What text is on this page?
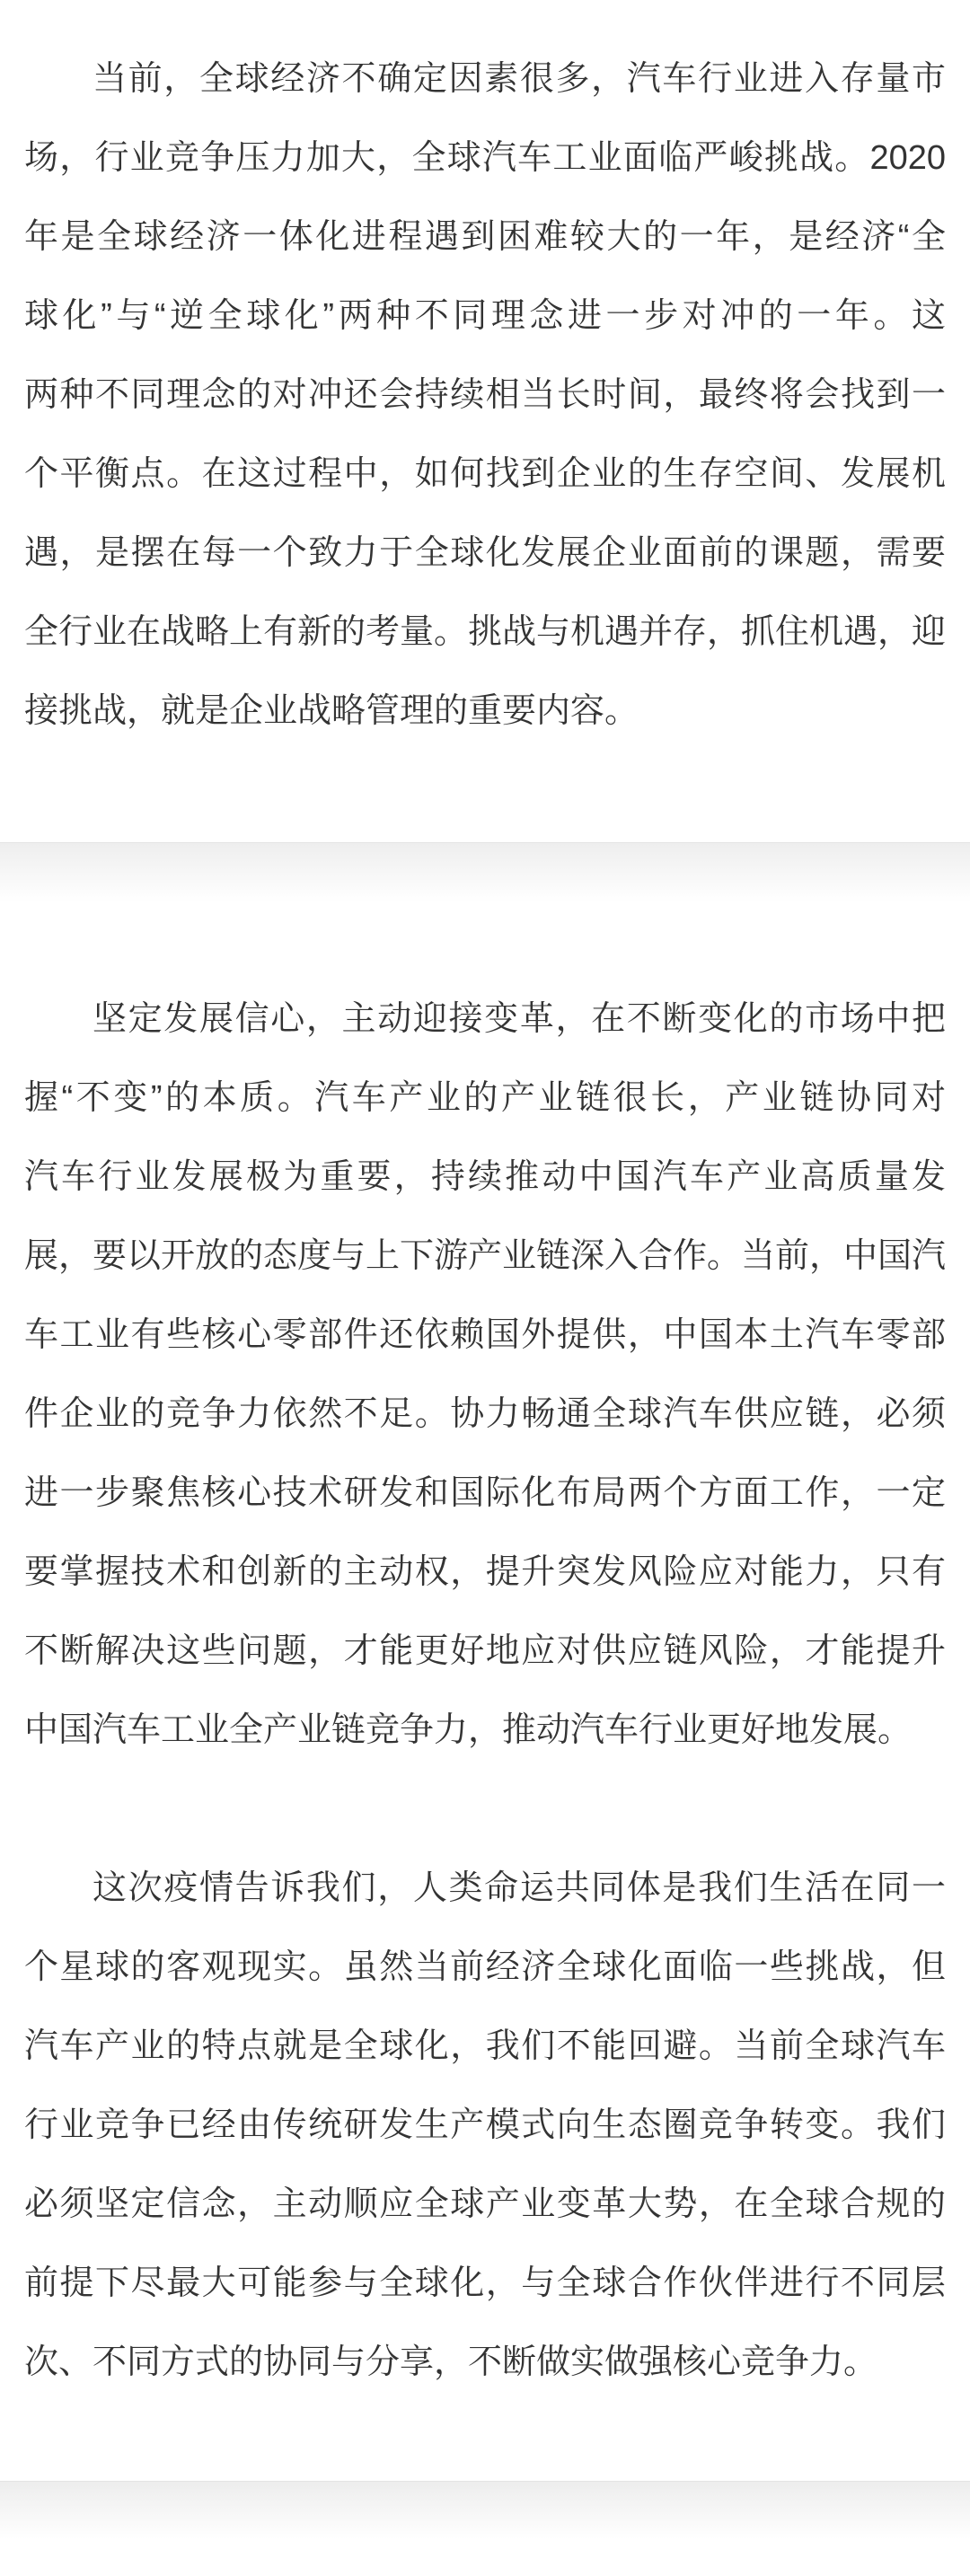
当前，全球经济不确定因素很多，汽车行业进入存量市
场，行业竞争压力加大，全球汽车工业面临严峻挑战。2020
年是全球经济一体化进程遇到困难较大的一年，是经济“全
球化”与“逆全球化”两种不同理念进一步对冲的一年。这
两种不同理念的对冲还会持续相当长时间，最终将会找到一
个平衡点。在这过程中，如何找到企业的生存空间、发展机
遇，是摆在每一个致力于全球化发展企业面前的课题，需要
全行业在战略上有新的考量。挑战与机遇并存，抓住机遇，迎
接挑战，就是企业战略管理的重要内容。
坚定发展信心，主动迎接变革，在不断变化的市场中把
握“不变”的本质。汽车产业的产业链很长，产业链协同对
汽车行业发展极为重要，持续推动中国汽车产业高质量发
展，要以开放的态度与上下游产业链深入合作。当前，中国汽
车工业有些核心零部件还依赖国外提供，中国本土汽车零部
件企业的竞争力依然不足。协力畅通全球汽车供应链，必须
进一步聚焦核心技术研发和国际化布局两个方面工作，一定
要掌握技术和创新的主动权，提升突发风险应对能力，只有
不断解决这些问题，才能更好地应对供应链风险，才能提升
中国汽车工业全产业链竞争力，推动汽车行业更好地发展。
这次疫情告诉我们，人类命运共同体是我们生活在同一
个星球的客观现实。虽然当前经济全球化面临一些挑战，但
汽车产业的特点就是全球化，我们不能回避。当前全球汽车
行业竞争已经由传统研发生产模式向生态圈竞争转变。我们
必须坚定信念，主动顺应全球产业变革大势，在全球合规的
前提下尽最大可能参与全球化，与全球合作伙伴进行不同层
次、不同方式的协同与分享，不断做实做强核心竞争力。
